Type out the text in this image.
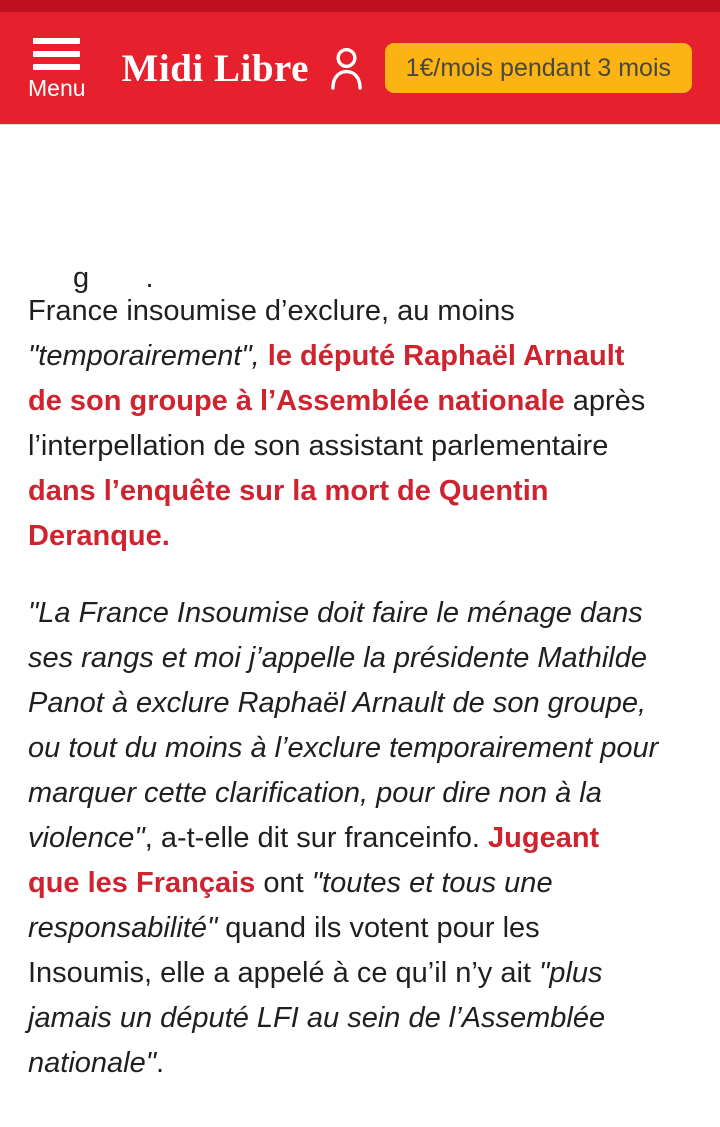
Menu Midi Libre	1€/mois pendant 3 mois
g       .
France insoumise d’exclure, au moins
"temporairement", le député Raphaël Arnault
de son groupe à l’Assemblée nationale après
l’interpellation de son assistant parlementaire
dans l’enquête sur la mort de Quentin
Deranque.
"La France Insoumise doit faire le ménage dans
ses rangs et moi j’appelle la présidente Mathilde
Panot à exclure Raphaël Arnault de son groupe,
ou tout du moins à l’exclure temporairement pour
marquer cette clarification, pour dire non à la
violence", a-t-elle dit sur franceinfo. Jugeant
que les Français ont "toutes et tous une
responsabilité" quand ils votent pour les
Insoumis, elle a appelé à ce qu’il n’y ait "plus
jamais un député LFI au sein de l’Assemblée
nationale".
